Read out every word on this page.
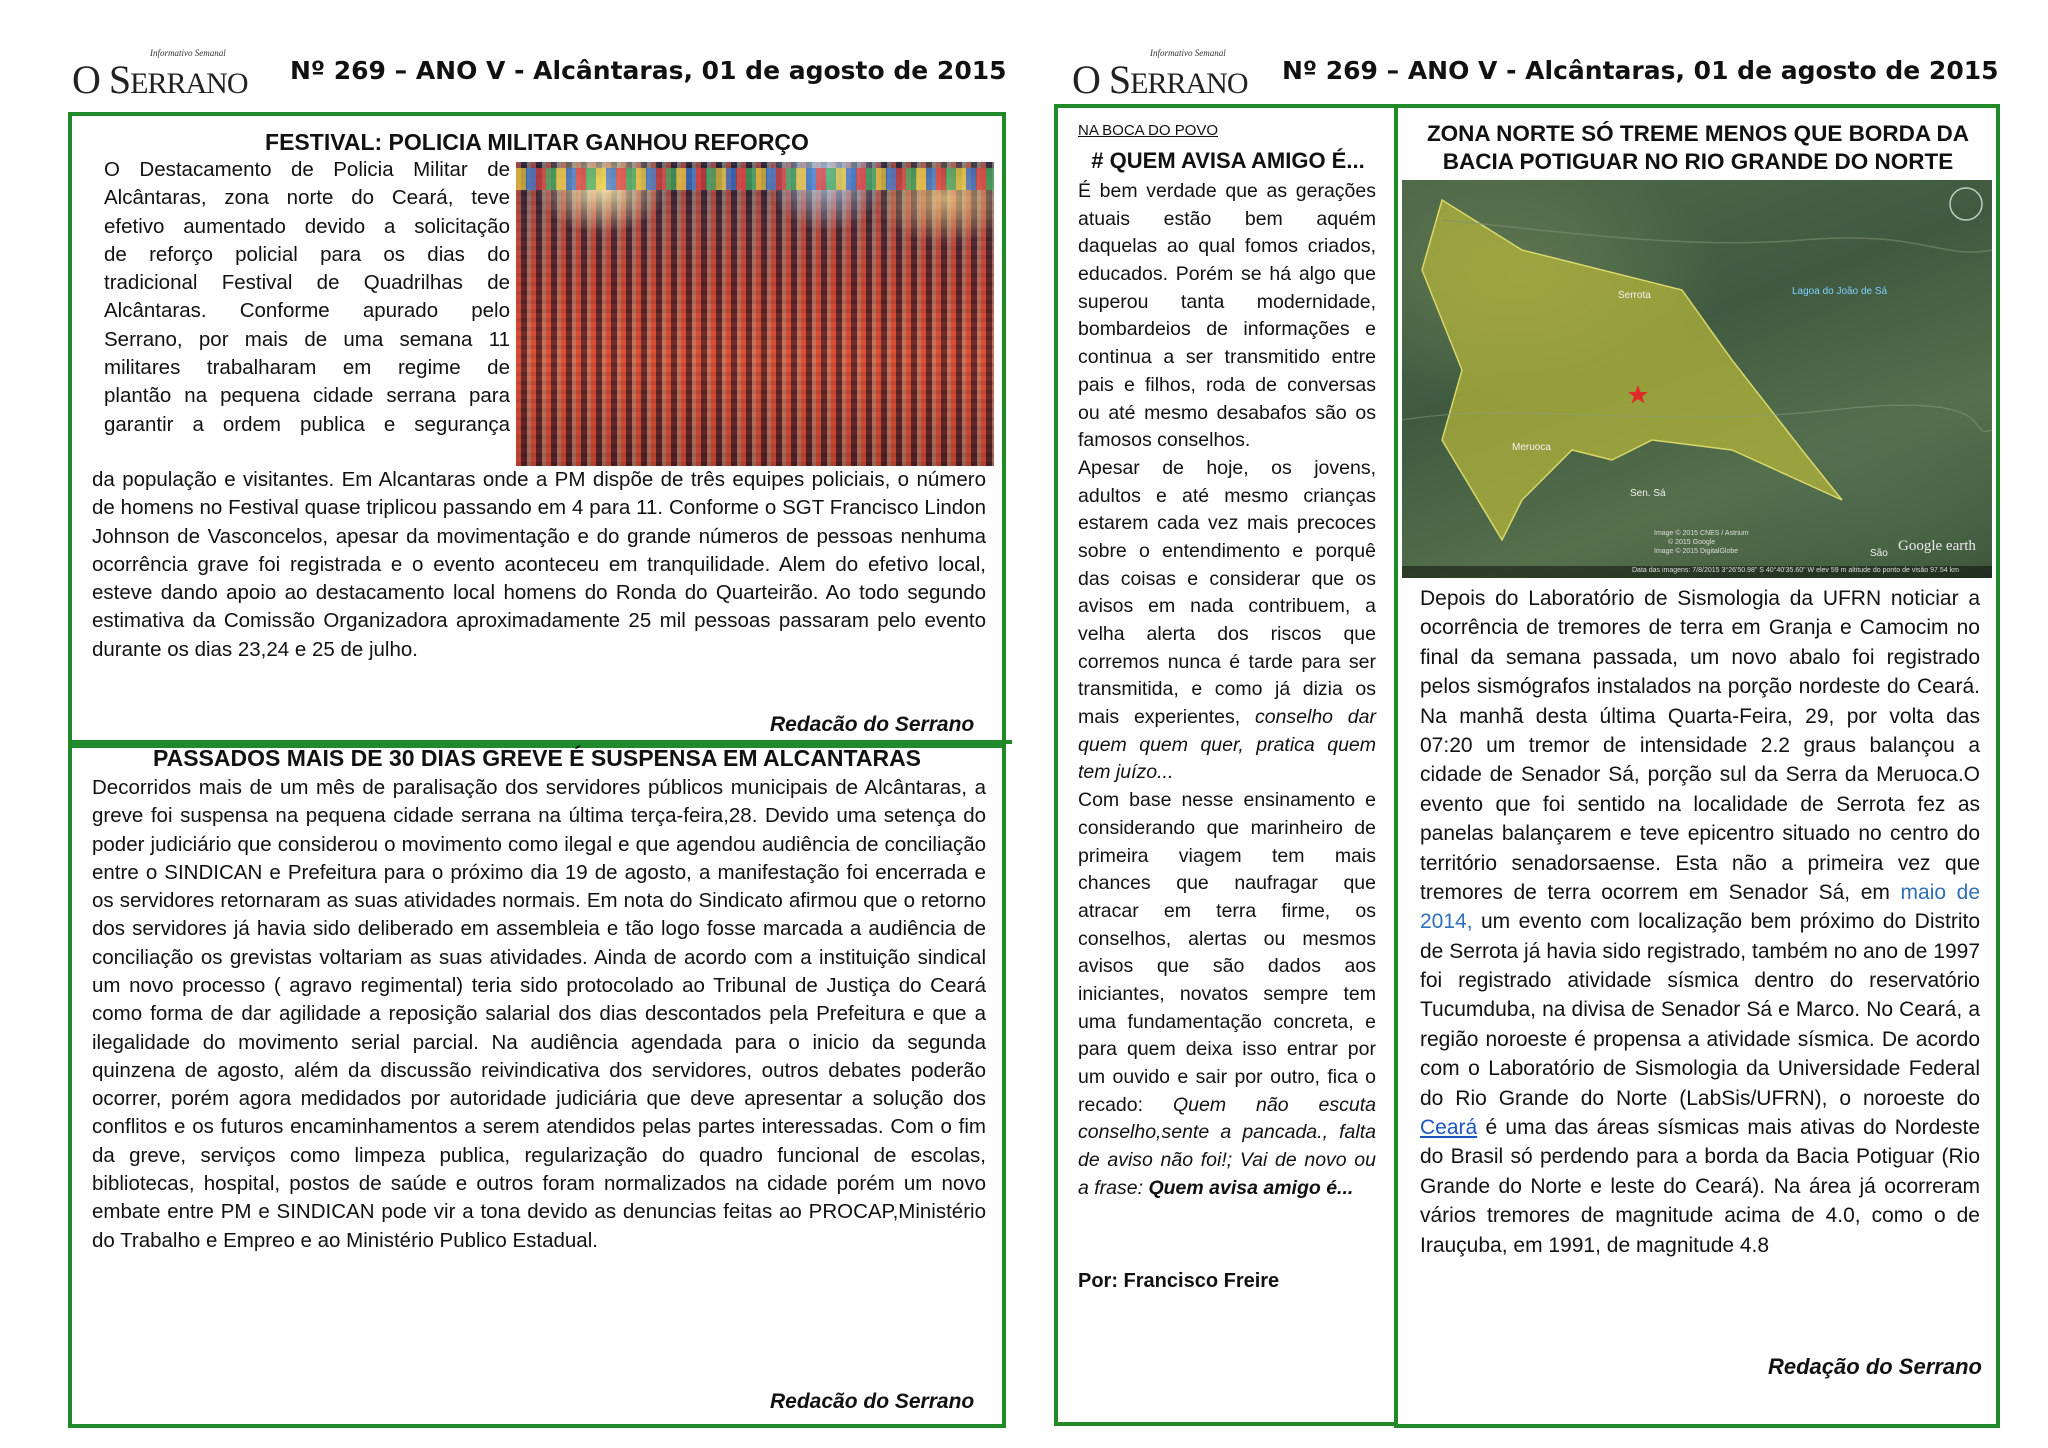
Informativo Semanal
O SERRANO Nº 269 – ANO V - Alcântaras, 01 de agosto de 2015
FESTIVAL: POLICIA MILITAR GANHOU REFORÇO

O Destacamento de Policia Militar de

Alcântaras, zona norte do Ceará, teve

efetivo aumentado devido a solicitação

de reforço policial para os dias do

tradicional Festival de Quadrilhas de

Alcântaras. Conforme apurado pelo

Serrano, por mais de uma semana 11

militares trabalharam em regime de

plantão na pequena cidade serrana para

garantir a ordem publica e segurança

da população e visitantes. Em Alcantaras onde a PM dispõe de três equipes policiais, o número de homens no Festival quase triplicou passando em 4 para 11. Conforme o SGT Francisco Lindon Johnson de Vasconcelos, apesar da movimentação e do grande números de pessoas nenhuma ocorrência grave foi registrada e o evento aconteceu em tranquilidade. Alem do efetivo local, esteve dando apoio ao destacamento local homens do Ronda do Quarteirão. Ao todo segundo estimativa da Comissão Organizadora aproximadamente 25 mil pessoas passaram pelo evento durante os dias 23,24 e 25 de julho.
Redacão do Serrano
PASSADOS MAIS DE 30 DIAS GREVE É SUSPENSA EM ALCANTARAS
Decorridos mais de um mês de paralisação dos servidores públicos municipais de Alcântaras, a greve foi suspensa na pequena cidade serrana na última terça-feira,28. Devido uma setença do poder judiciário que considerou o movimento como ilegal e que agendou audiência de conciliação entre o SINDICAN e Prefeitura para o próximo dia 19 de agosto, a manifestação foi encerrada e os servidores retornaram as suas atividades normais. Em nota do Sindicato afirmou que o retorno dos servidores já havia sido deliberado em assembleia e tão logo fosse marcada a audiência de conciliação os grevistas voltariam as suas atividades. Ainda de acordo com a instituição sindical um novo processo ( agravo regimental) teria sido protocolado ao Tribunal de Justiça do Ceará como forma de dar agilidade a reposição salarial dos dias descontados pela Prefeitura e que a ilegalidade do movimento serial parcial. Na audiência agendada para o inicio da segunda quinzena de agosto, além da discussão reivindicativa dos servidores, outros debates poderão ocorrer, porém agora medidados por autoridade judiciária que deve apresentar a solução dos conflitos e os futuros encaminhamentos a serem atendidos pelas partes interessadas. Com o fim da greve, serviços como limpeza publica, regularização do quadro funcional de escolas, bibliotecas, hospital, postos de saúde e outros foram normalizados na cidade porém um novo embate entre PM e SINDICAN pode vir a tona devido as denuncias feitas ao PROCAP,Ministério do Trabalho e Empreo e ao Ministério Publico Estadual.
Redacão do Serrano
Informativo Semanal
O SERRANO Nº 269 – ANO V - Alcântaras, 01 de agosto de 2015
NA BOCA DO POVO
# QUEM AVISA AMIGO É...

É bem verdade que as gerações atuais estão bem aquém daquelas ao qual fomos criados, educados. Porém se há algo que superou tanta modernidade, bombardeios de informações e continua a ser transmitido entre pais e filhos, roda de conversas ou até mesmo desabafos são os famosos conselhos.

Apesar de hoje, os jovens, adultos e até mesmo crianças estarem cada vez mais precoces sobre o entendimento e porquê das coisas e considerar que os avisos em nada contribuem, a velha alerta dos riscos que corremos nunca é tarde para ser transmitida, e como já dizia os mais experientes, conselho dar quem quem quer, pratica quem tem juízo...

Com base nesse ensinamento e considerando que marinheiro de primeira viagem tem mais chances que naufragar que atracar em terra firme, os conselhos, alertas ou mesmos avisos que são dados aos iniciantes, novatos sempre tem uma fundamentação concreta, e para quem deixa isso entrar por um ouvido e sair por outro, fica o recado: Quem não escuta conselho,sente a pancada., falta de aviso não foi!; Vai de novo ou a frase: Quem avisa amigo é...

Por: Francisco Freire
ZONA NORTE SÓ TREME MENOS QUE BORDA DA BACIA POTIGUAR NO RIO GRANDE DO NORTE
Serrota	Lagoa do João de Sá
Meruoca
Sen. Sá
São Google earth
Image © 2015 CNES / Astrium
© 2015 Google
Image © 2015 DigitalGlobe
Data das imagens: 7/8/2015 3°26'50.98" S 40°40'35.60" W elev 59 m altitude do ponto de visão 97.54 km

Depois do Laboratório de Sismologia da UFRN noticiar a ocorrência de tremores de terra em Granja e Camocim no final da semana passada, um novo abalo foi registrado pelos sismógrafos instalados na porção nordeste do Ceará. Na manhã desta última Quarta-Feira, 29, por volta das 07:20 um tremor de intensidade 2.2 graus balançou a cidade de Senador Sá, porção sul da Serra da Meruoca.O evento que foi sentido na localidade de Serrota fez as panelas balançarem e teve epicentro situado no centro do território senadorsaense. Esta não a primeira vez que tremores de terra ocorrem em Senador Sá, em maio de 2014, um evento com localização bem próximo do Distrito de Serrota já havia sido registrado, também no ano de 1997 foi registrado atividade sísmica dentro do reservatório Tucumduba, na divisa de Senador Sá e Marco. No Ceará, a região noroeste é propensa a atividade sísmica. De acordo com o Laboratório de Sismologia da Universidade Federal do Rio Grande do Norte (LabSis/UFRN), o noroeste do Ceará é uma das áreas sísmicas mais ativas do Nordeste do Brasil só perdendo para a borda da Bacia Potiguar (Rio Grande do Norte e leste do Ceará). Na área já ocorreram vários tremores de magnitude acima de 4.0, como o de Irauçuba, em 1991, de magnitude 4.8

Redação do Serrano
